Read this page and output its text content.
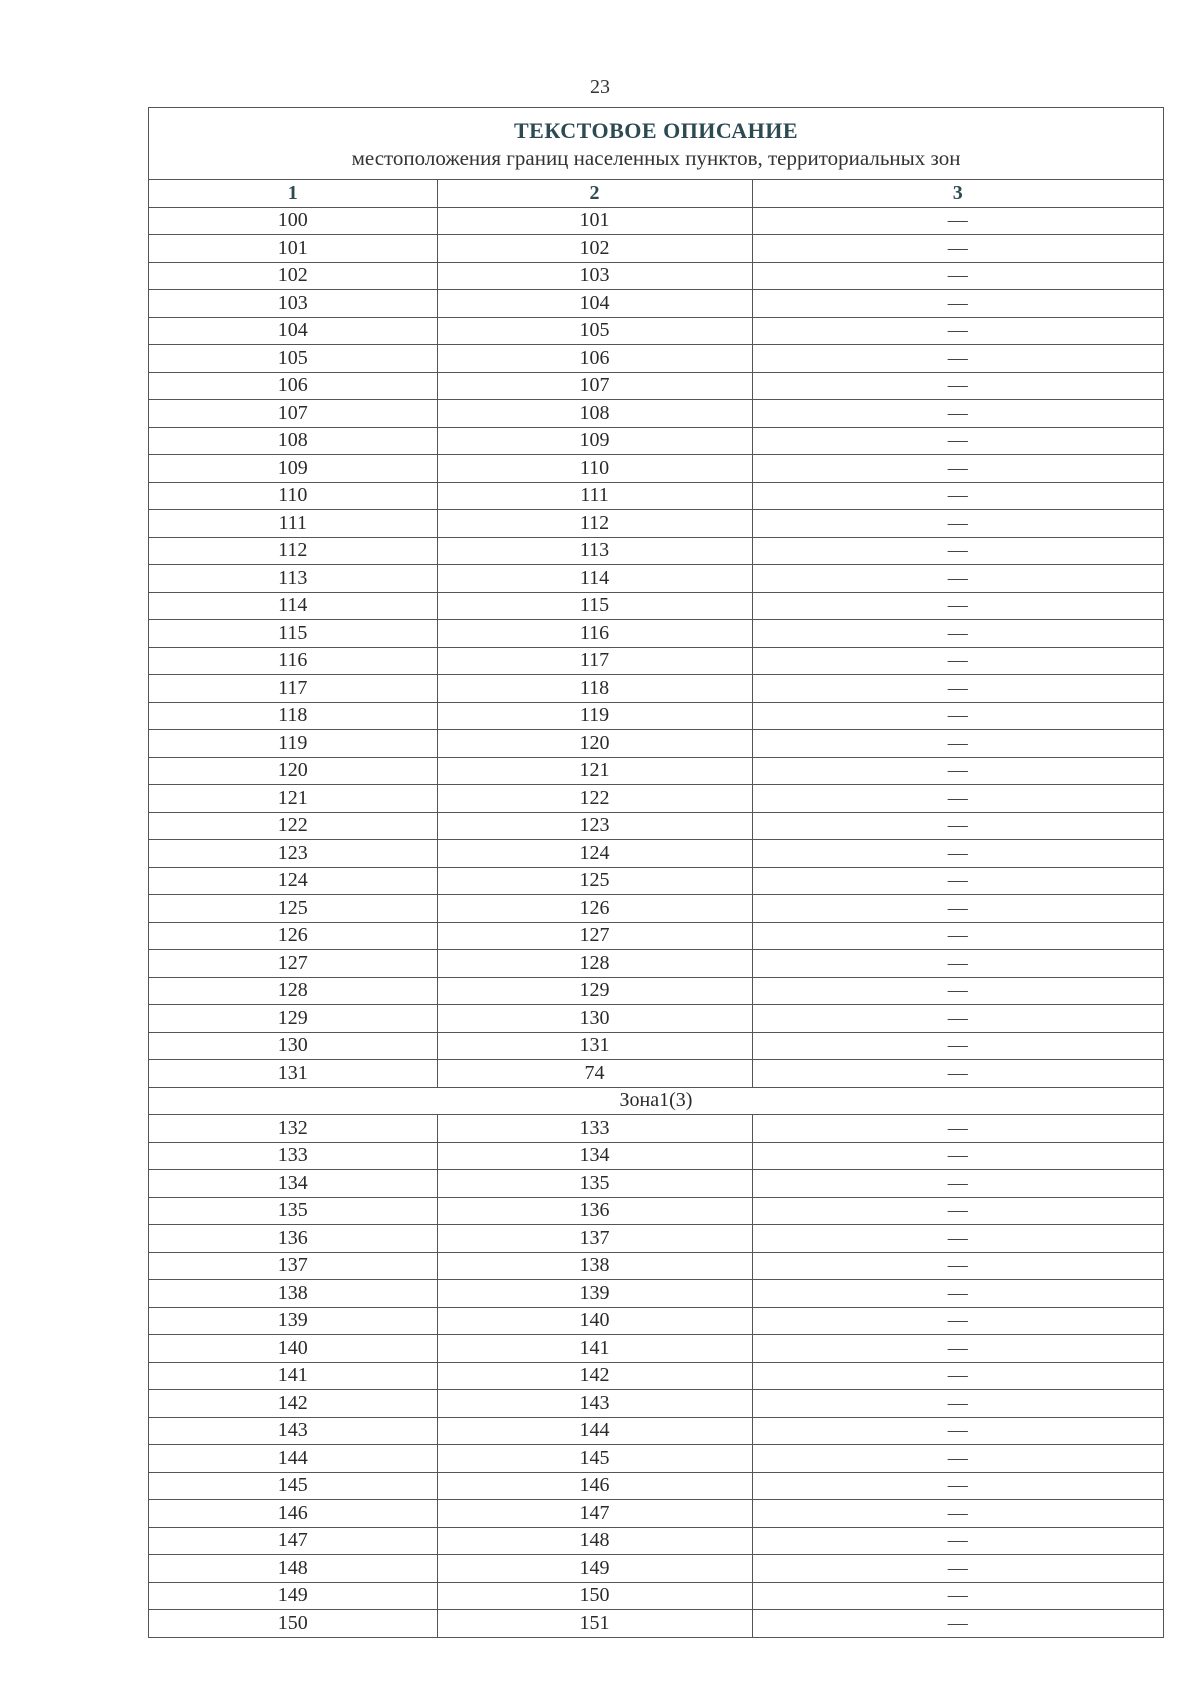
23
ТЕКСТОВОЕ ОПИСАНИЕ
местоположения границ населенных пунктов, территориальных зон
1	2	3
100	101	—
101	102	—
102	103	—
103	104	—
104	105	—
105	106	—
106	107	—
107	108	—
108	109	—
109	110	—
110	111	—
111	112	—
112	113	—
113	114	—
114	115	—
115	116	—
116	117	—
117	118	—
118	119	—
119	120	—
120	121	—
121	122	—
122	123	—
123	124	—
124	125	—
125	126	—
126	127	—
127	128	—
128	129	—
129	130	—
130	131	—
131	74	—
Зона1(3)		
132	133	—
133	134	—
134	135	—
135	136	—
136	137	—
137	138	—
138	139	—
139	140	—
140	141	—
141	142	—
142	143	—
143	144	—
144	145	—
145	146	—
146	147	—
147	148	—
148	149	—
149	150	—
150	151	—
